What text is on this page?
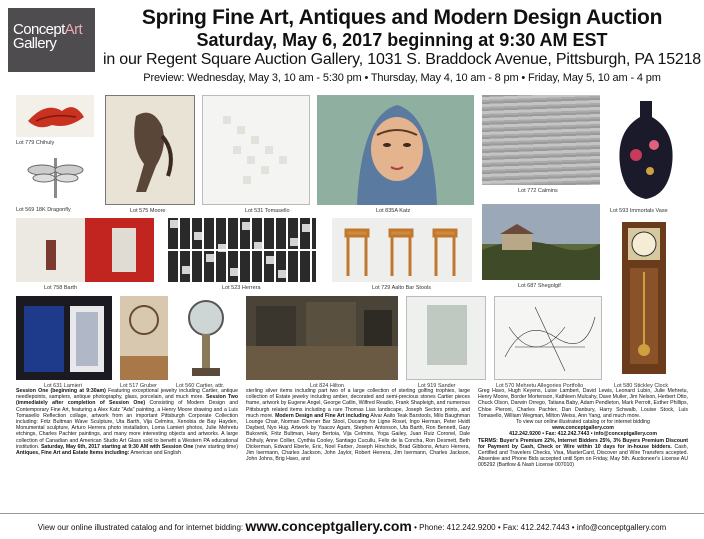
ConceptArt
Gallery
Spring Fine Art, Antiques and Modern Design Auction
Saturday, May 6, 2017 beginning at 9:30 AM EST
in our Regent Square Auction Gallery, 1031 S. Braddock Avenue, Pittsburgh, PA 15218
Preview: Wednesday, May 3, 10 am - 5:30 pm • Thursday, May 4, 10 am - 8 pm • Friday, May 5, 10 am - 4 pm
Lot 779 Chihuly
Lot 569 18K Dragonfly	Lot 575 Moore	Lot 531 Tomasello	Lot 835A Katz
Lot 772 Calmins
Lot 593 Immortals Vase
Lot 758 Barth	Lot 523 Herrera	Lot 729 Aalto Bar Stools	Lot 687 Shegolgif
Lot 631 Lamieri	Lot 517 Gruber	Lot 560 Cartier, attr.	Lot 824 Hilton	Lot 919 Sander	Lot 570 Mehretu Allegories Portfolio	Lot 580 Stickley Clock
Session One (beginning at 9:30am) Featuring exceptional jewelry including Cartier, antique needlepoints, samplers, antique photography, glass, porcelain, and much more. Session Two (immediately after completion of Session One) Consisting of Modern Design and Contemporary Fine Art, featuring a Alex Katz "Ada" painting, a Henry Moore drawing and a Luis Tomasello Reflection collage, artwork from an important Pittsburgh Corporate Collection including: Fritz Bultman Wave Sculpture, Uta Barth, Vija Celmins, Xenobia de Bay Hayden, Monumental sculpture, Arturo Herrera photo installation, Loma Lamieri photos, Julie Mehretu etchings, Charles Pachter paintings, and many more interesting objects and artworks. A large collection of Canadian and American Studio Art Glass sold to benefit a Western PA educational institution. Saturday, May 6th, 2017 starting at 9:30 AM with Session One (new starting time) Antiques, Fine Art and Estate Items including: American and English
sterling silver items including part two of a large collection of sterling golfing trophies, large collection of Estate jewelry including amber, decorated and semi-precious stones Cartier pieces frame, artwork by Eugene Angel, George Catlin, Wilfred Readio, Frank Shapleigh, and numerous Pittsburgh related items including a rare Thomas Lias landscape, Joseph Sectors prints, and much more. Modern Design and Fine Art including Alvar Aalto Teak Barstools, Milo Baughman Lounge Chair, Norman Cherner Bar Stool, Ducamp for Ligne Roset, Ingo Herman, Peter Hvidt Daybed, Nyo Hug. Artwork by Yaacov Agam, Stephen Antonson, Uta Barth, Ron Bennett, Gary Bukovnik, Fritz Bultman, Harry Bertoia, Vija Celmins, Yoga Gailey, Juan Ruiz Coronel, Dale Chihuly, Anne Collier, Cynthia Cooley, Santiago Cucullu, Felix de la Concha, Ron Desmett, Beth Dickerman, Edward Eberle, Eric, Noel Farber, Joseph Hirschick, Brad Gibbons, Arturo Herrera, Jim Isermann, Charles Jackson, John Jaylor, Robert Herrera, Jim Isermann, Charles Jackson, John Johns, Brig Havo, and
Greg Havo, Hugh Keyens, Luise Lambert, David Lewis, Leonard Lubin, Julie Mehretu, Henry Moore, Border Mortenson, Kathleen Mulcahy, Dave Muller, Jim Nelson, Herbert Otto, Chuck Olson, Darwin Orrego, Tatiana Baby, Adam Pendleton, Mark Perrott, Esther Phillips, Chloe Pieroni, Charles Pachter, Dan Danbury, Harry Schwalb, Louise Stock, Luis Tomasello, William Wegman, Milton Weiss, Ann Yang, and much more.
To view our online illustrated catalog or for internet bidding
www.conceptgallery.com
412.242.9200 • Fax: 412.242.7443 • info@conceptgallery.com
TERMS: Buyer's Premium 22%, Internet Bidders 25%, 3% Buyers Premium Discount for Payment by Cash, Check or Wire within 10 days for in-house bidders. Cash, Certified and Travelers Checks, Visa, MasterCard, Discover and Wire Transfers accepted. Absentee and Phone Bids accepted until 5pm on Friday, May 5th. Auctioneer's License AU 005292 (Bartlow & Nash License 007010)
View our online illustrated catalog and for internet bidding: www.conceptgallery.com • Phone: 412.242.9200 • Fax: 412.242.7443 • info@conceptgallery.com
